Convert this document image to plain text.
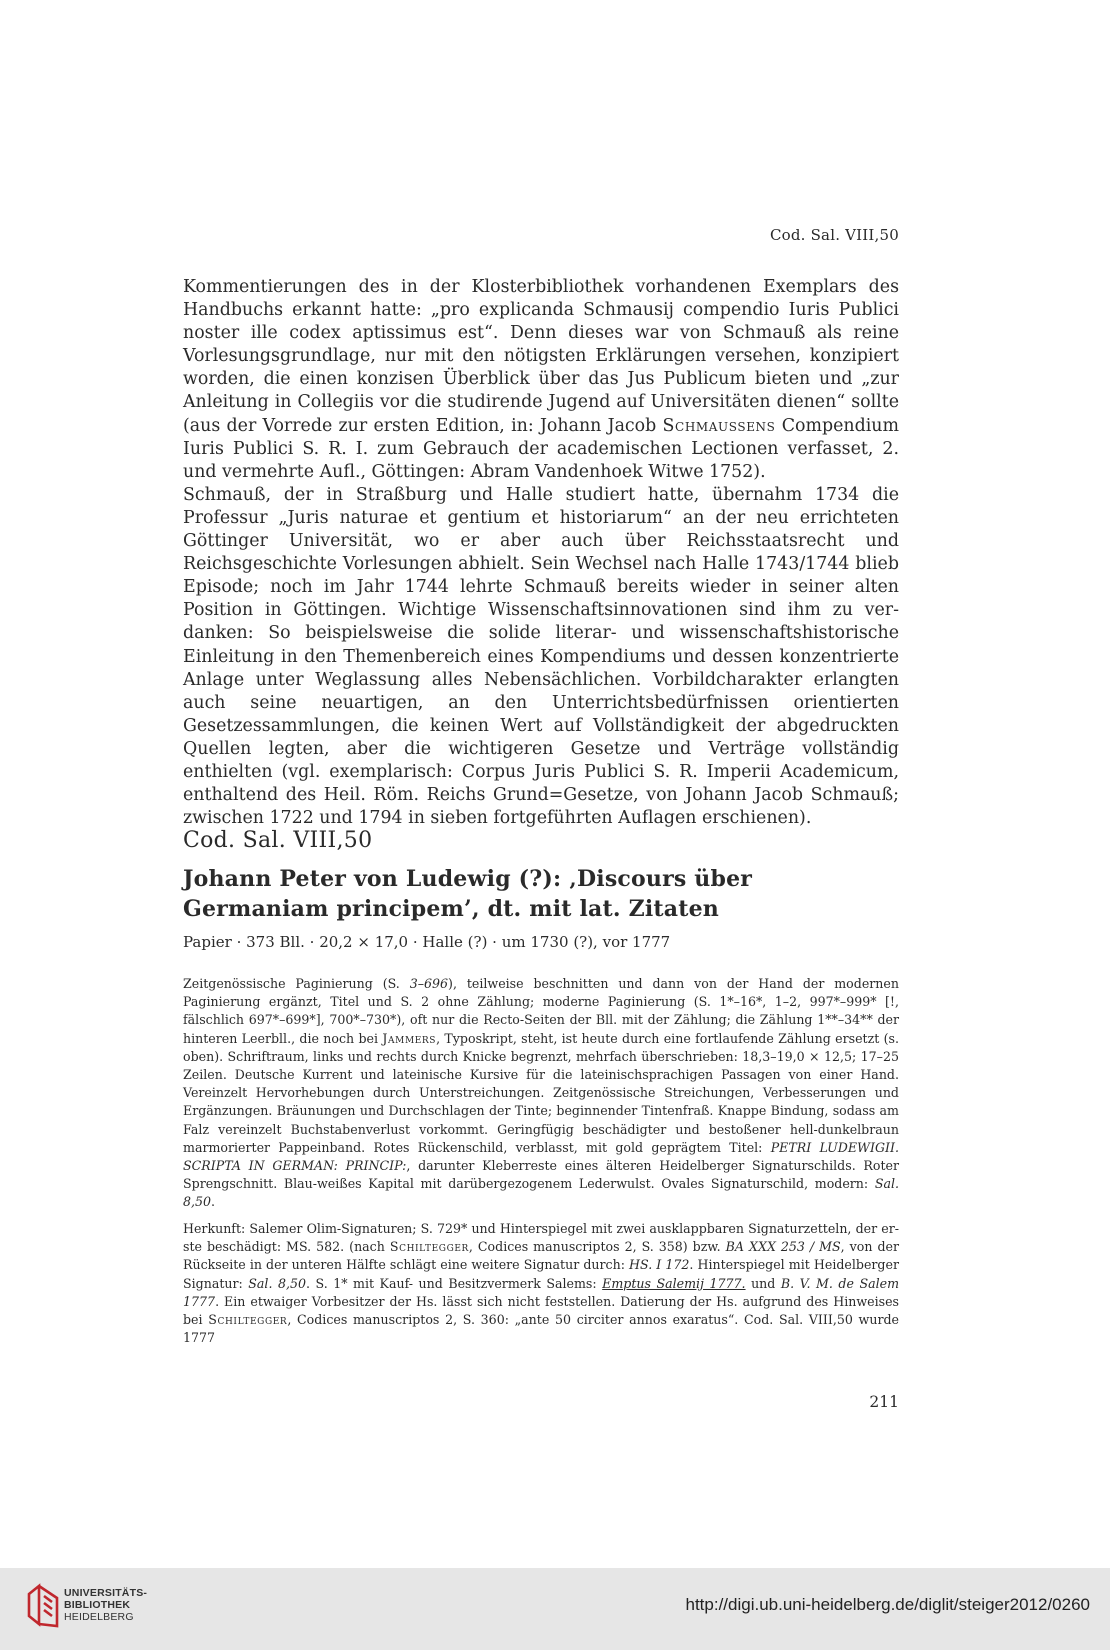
Cod. Sal. VIII,50

Kommentierungen des in der Klosterbibliothek vorhandenen Exemplars des Handbuchs erkannt hatte: „pro explicanda Schmausij compendio Iuris Publici noster ille codex aptissimus est“. Denn dieses war von Schmauß als reine Vorlesungsgrundlage, nur mit den nötigsten Erklärungen versehen, konzipiert worden, die einen konzisen Überblick über das Jus Publicum bieten und „zur Anleitung in Collegiis vor die studirende Jugend auf Universitäten dienen“ sollte (aus der Vorrede zur ersten Edition, in: Johann Jacob Schmaussens Compendium Iuris Publici S. R. I. zum Gebrauch der academischen Lectionen verfasset, 2. und vermehrte Aufl., Göttingen: Abram Vandenhoek Witwe 1752).

Schmauß, der in Straßburg und Halle studiert hatte, übernahm 1734 die Professur „Juris naturae et gentium et historiarum“ an der neu errichteten Göttinger Universität, wo er aber auch über Reichsstaatsrecht und Reichsgeschichte Vorlesungen abhielt. Sein Wechsel nach Halle 1743/1744 blieb Episode; noch im Jahr 1744 lehrte Schmauß bereits wieder in seiner alten Position in Göttingen. Wichtige Wissenschaftsinnovationen sind ihm zu verdanken: So beispielsweise die solide literar- und wissenschaftshistorische Einleitung in den Themenbereich eines Kompendiums und dessen konzentrierte Anlage unter Weglassung alles Nebensächlichen. Vorbildcharakter erlangten auch seine neuartigen, an den Unterrichtsbedürfnissen orientierten Gesetzessammlungen, die keinen Wert auf Vollständigkeit der abgedruckten Quellen legten, aber die wichtigeren Gesetze und Verträge vollständig enthielten (vgl. exemplarisch: Corpus Juris Publici S. R. Imperii Academicum, enthaltend des Heil. Röm. Reichs Grund=Gesetze, von Johann Jacob Schmauß; zwischen 1722 und 1794 in sieben fortgeführten Auflagen erschienen).

Cod. Sal. VIII,50
Johann Peter von Ludewig (?): ‚Discours über Germaniam principem’, dt. mit lat. Zitaten
Papier · 373 Bll. · 20,2 × 17,0 · Halle (?) · um 1730 (?), vor 1777

Zeitgenössische Paginierung (S. 3–696), teilweise beschnitten und dann von der Hand der modernen Paginierung ergänzt, Titel und S. 2 ohne Zählung; moderne Paginierung (S. 1*–16*, 1–2, 997*–999* [!, fälschlich 697*–699*], 700*–730*), oft nur die Recto-Seiten der Bll. mit der Zählung; die Zählung 1**–34** der hinteren Leerbll., die noch bei Jammers, Typoskript, steht, ist heute durch eine fortlaufende Zählung ersetzt (s. oben). Schriftraum, links und rechts durch Knicke begrenzt, mehrfach überschrieben: 18,3–19,0 × 12,5; 17–25 Zeilen. Deutsche Kurrent und lateinische Kursive für die lateinischsprachigen Passagen von einer Hand. Vereinzelt Hervorhebungen durch Unterstreichungen. Zeitgenössische Streichungen, Verbesserungen und Ergänzungen. Bräunungen und Durchschlagen der Tinte; beginnender Tintenfraß. Knappe Bindung, sodass am Falz vereinzelt Buchstabenverlust vorkommt. Geringfügig beschädigter und bestoßener hell-dunkelbraun marmorierter Pappeinband. Rotes Rückenschild, verblasst, mit gold geprägtem Titel: PETRI LUDEWIGII. SCRIPTA IN GERMAN: PRINCIP:, darunter Kleberreste eines älteren Heidelberger Signaturschilds. Roter Sprengschnitt. Blau-weißes Kapital mit darübergezogenem Lederwulst. Ovales Signaturschild, modern: Sal. 8,50.

Herkunft: Salemer Olim-Signaturen; S. 729* und Hinterspiegel mit zwei ausklappbaren Signaturzetteln, der erste beschädigt: MS. 582. (nach Schiltegger, Codices manuscriptos 2, S. 358) bzw. BA XXX 253 / MS, von der Rückseite in der unteren Hälfte schlägt eine weitere Signatur durch: HS. I 172. Hinterspiegel mit Heidelberger Signatur: Sal. 8,50. S. 1* mit Kauf- und Besitzvermerk Salems: Emptus Salemij 1777. und B. V. M. de Salem 1777. Ein etwaiger Vorbesitzer der Hs. lässt sich nicht feststellen. Datierung der Hs. aufgrund des Hinweises bei Schiltegger, Codices manuscriptos 2, S. 360: „ante 50 circiter annos exaratus“. Cod. Sal. VIII,50 wurde 1777

211
UNIVERSITÄTS-
BIBLIOTHEK
HEIDELBERG
http://digi.ub.uni-heidelberg.de/diglit/steiger2012/0260
